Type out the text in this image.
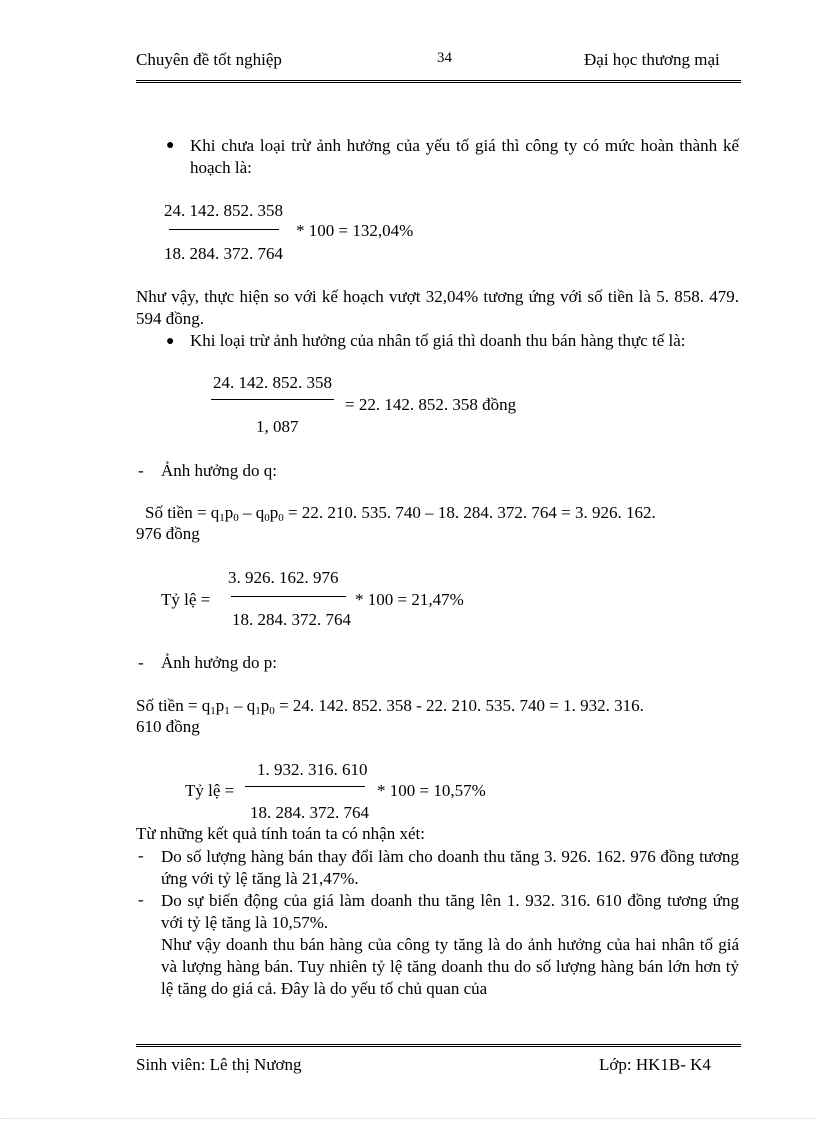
Chuyên đề tốt nghiệp	34	Đại học thương mại
● Khi chưa loại trừ ảnh hưởng của yếu tố giá thì công ty có mức hoàn thành kế hoạch là:
24. 142. 852. 358
* 100 = 132,04%
18. 284. 372. 764
Như vậy, thực hiện so với kế hoạch vượt 32,04% tương ứng với số tiền là 5. 858. 479. 594 đồng.
● Khi loại trừ ảnh hưởng của nhân tố giá thì doanh thu bán hàng thực tế là:
24. 142. 852. 358
= 22. 142. 852. 358 đồng
1, 087
- Ảnh hưởng do q:
Số tiền = $q_1p_0 - q_0p_0 = 22$. 210. 535. 740 – 18. 284. 372. 764 = 3. 926. 162.
976 đồng
Tỷ lệ =
3. 926. 162. 976
* 100 = 21,47%
18. 284. 372. 764
- Ảnh hưởng do p:
Số tiền = $q_1p_1 - q_1p_0 = 24$. 142. 852. 358 - 22. 210. 535. 740 = 1. 932. 316.
610 đồng
Tỷ lệ =
1. 932. 316. 610
* 100 = 10,57%
18. 284. 372. 764
Từ những kết quả tính toán ta có nhận xét:
- Do số lượng hàng bán thay đổi làm cho doanh thu tăng 3. 926. 162. 976 đồng tương ứng với tỷ lệ tăng là 21,47%.
- Do sự biến động của giá làm doanh thu tăng lên 1. 932. 316. 610 đồng tương ứng với tỷ lệ tăng là 10,57%.
Như vậy doanh thu bán hàng của công ty tăng là do ảnh hưởng của hai nhân tố giá và lượng hàng bán. Tuy nhiên tỷ lệ tăng doanh thu do số lượng hàng bán lớn hơn tỷ lệ tăng do giá cả. Đây là do yếu tố chủ quan của
Sinh viên: Lê thị Nương	Lớp: HK1B- K4
